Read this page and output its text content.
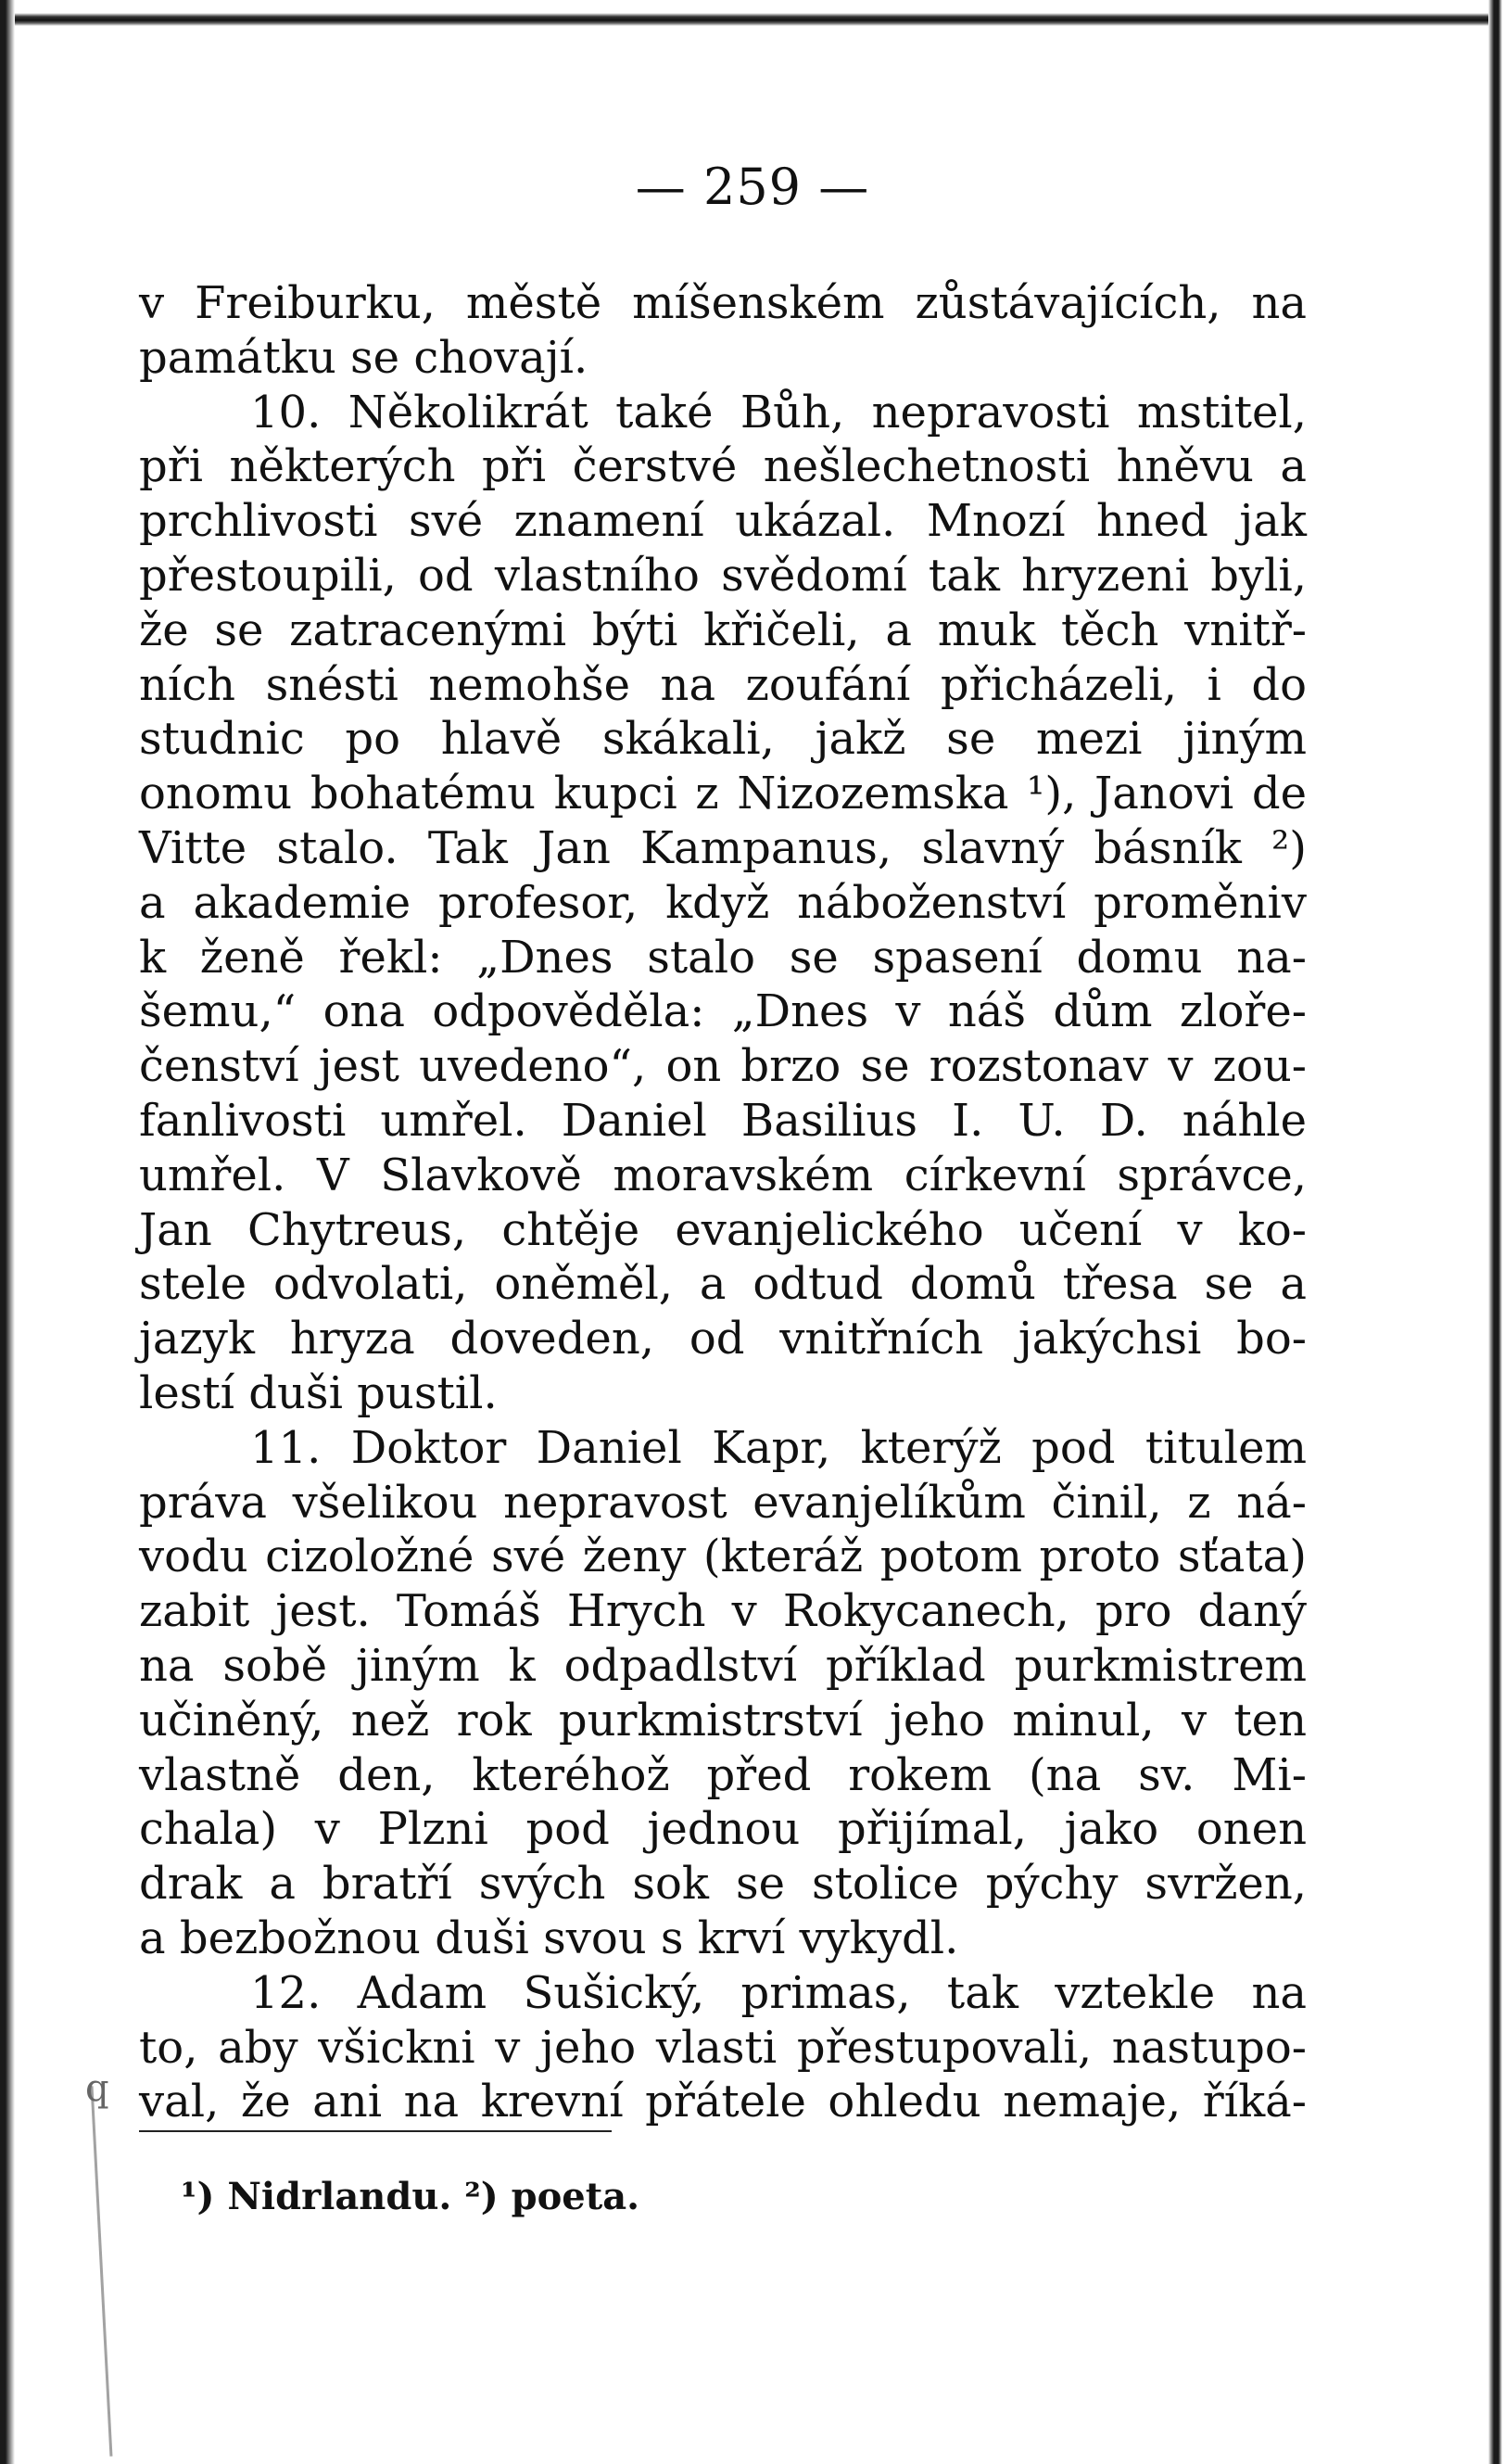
— 259 —
v Freiburku, městě míšenském zůstávajících, na
památku se chovají.
10. Několikrát také Bůh, nepravosti mstitel,
při některých při čerstvé nešlechetnosti hněvu a
prchlivosti své znamení ukázal. Mnozí hned jak
přestoupili, od vlastního svědomí tak hryzeni byli,
že se zatracenými býti křičeli, a muk těch vnitř-
ních snésti nemohše na zoufání přicházeli, i do
studnic po hlavě skákali, jakž se mezi jiným
onomu bohatému kupci z Nizozemska ¹), Janovi de
Vitte stalo. Tak Jan Kampanus, slavný básník ²)
a akademie profesor, když náboženství proměniv
k ženě řekl: „Dnes stalo se spasení domu na-
šemu,“ ona odpověděla: „Dnes v náš dům zlořе-
čenství jest uvedeno“, on brzo se rozstonav v zou-
fanlivosti umřel. Daniel Basilius I. U. D. náhle
umřel. V Slavkově moravském církevní správce,
Jan Chytreus, chtěje evanjelického učení v ko-
stele odvolati, oněměl, a odtud domů třesa se a
jazyk hryza doveden, od vnitřních jakýchsi bo-
lestí duši pustil.
11. Doktor Daniel Kapr, kterýž pod titulem
práva všelikou nepravost evanjelíkům činil, z ná-
vodu cizoložné své ženy (kteráž potom proto sťata)
zabit jest. Tomáš Hrych v Rokycanech, pro daný
na sobě jiným k odpadlství příklad purkmistrem
učiněný, než rok purkmistrství jeho minul, v ten
vlastně den, kteréhož před rokem (na sv. Mi-
chala) v Plzni pod jednou přijímal, jako onen
drak a bratří svých sok se stolice pýchy svržen,
a bezbožnou duši svou s krví vykydl.
12. Adam Sušický, primas, tak vztekle na
to, aby všickni v jeho vlasti přestupovali, nastupo-
val, že ani na krevní přátele ohledu nemaje, říká-
q
¹) Nidrlandu. ²) poeta.
